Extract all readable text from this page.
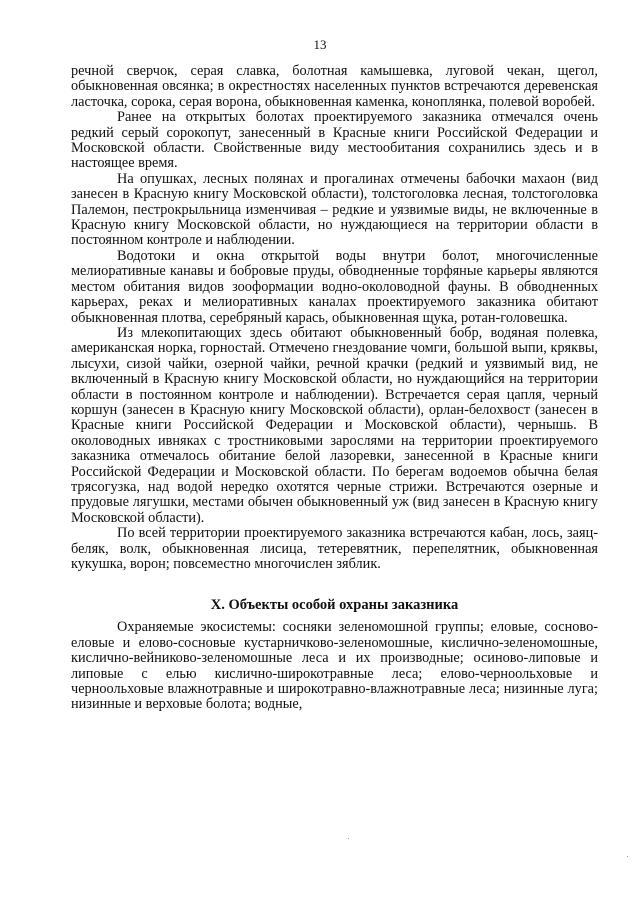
13

речной сверчок, серая славка, болотная камышевка, луговой чекан, щегол, обыкновенная овсянка; в окрестностях населенных пунктов встречаются деревенская ласточка, сорока, серая ворона, обыкновенная каменка, коноплянка, полевой воробей.

Ранее на открытых болотах проектируемого заказника отмечался очень редкий серый сорокопут, занесенный в Красные книги Российской Федерации и Московской области. Свойственные виду местообитания сохранились здесь и в настоящее время.

На опушках, лесных полянах и прогалинах отмечены бабочки махаон (вид занесен в Красную книгу Московской области), толстоголовка лесная, толстоголовка Палемон, пестрокрыльница изменчивая – редкие и уязвимые виды, не включенные в Красную книгу Московской области, но нуждающиеся на территории области в постоянном контроле и наблюдении.

Водотоки и окна открытой воды внутри болот, многочисленные мелиоративные канавы и бобровые пруды, обводненные торфяные карьеры являются местом обитания видов зооформации водно-околоводной фауны. В обводненных карьерах, реках и мелиоративных каналах проектируемого заказника обитают обыкновенная плотва, серебряный карась, обыкновенная щука, ротан-головешка.

Из млекопитающих здесь обитают обыкновенный бобр, водяная полевка, американская норка, горностай. Отмечено гнездование чомги, большой выпи, кряквы, лысухи, сизой чайки, озерной чайки, речной крачки (редкий и уязвимый вид, не включенный в Красную книгу Московской области, но нуждающийся на территории области в постоянном контроле и наблюдении). Встречается серая цапля, черный коршун (занесен в Красную книгу Московской области), орлан-белохвост (занесен в Красные книги Российской Федерации и Московской области), чернышь. В околоводных ивняках с тростниковыми зарослями на территории проектируемого заказника отмечалось обитание белой лазоревки, занесенной в Красные книги Российской Федерации и Московской области. По берегам водоемов обычна белая трясогузка, над водой нередко охотятся черные стрижи. Встречаются озерные и прудовые лягушки, местами обычен обыкновенный уж (вид занесен в Красную книгу Московской области).

По всей территории проектируемого заказника встречаются кабан, лось, заяц-беляк, волк, обыкновенная лисица, тетеревятник, перепелятник, обыкновенная кукушка, ворон; повсеместно многочислен зяблик.

X. Объекты особой охраны заказника

Охраняемые экосистемы: сосняки зеленомошной группы; еловые, сосново-еловые и елово-сосновые кустарничково-зеленомошные, кислично-зеленомошные, кислично-вейниково-зеленомошные леса и их производные; осиново-липовые и липовые с елью кислично-широкотравные леса; елово-черноольховые и черноольховые влажнотравные и широкотравно-влажнотравные леса; низинные луга; низинные и верховые болота; водные,
